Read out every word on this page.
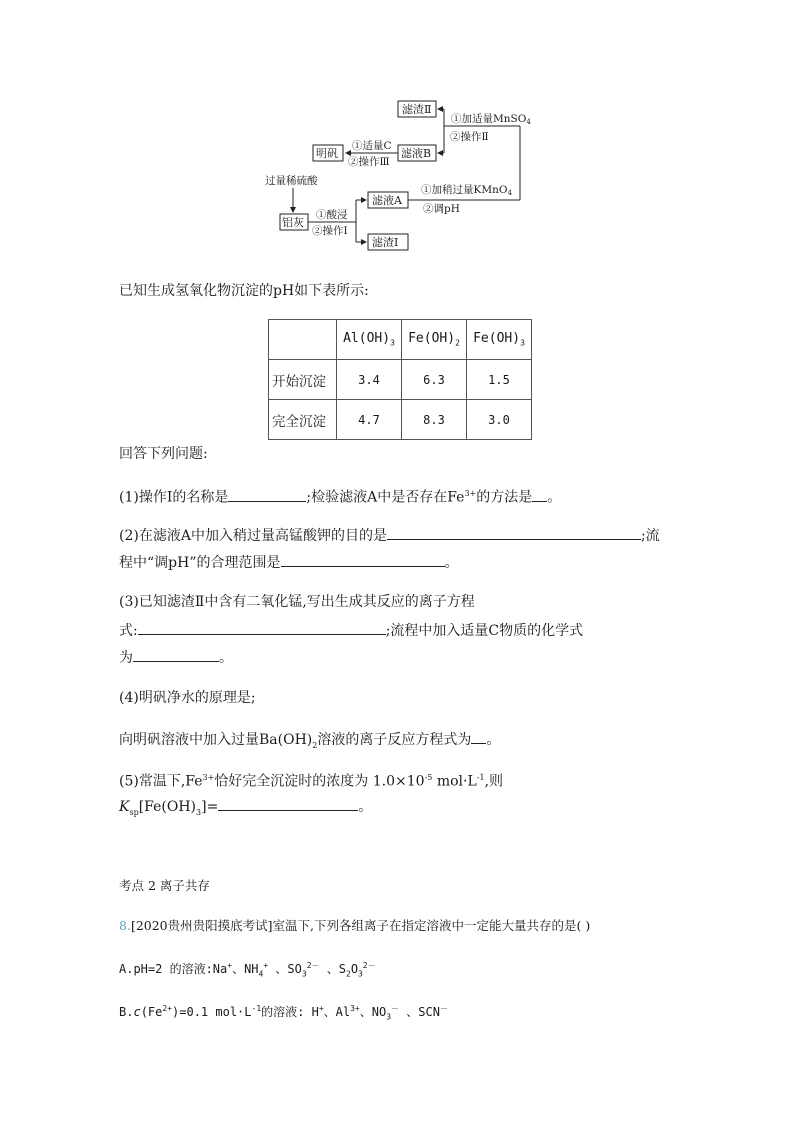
滤渣Ⅱ
滤液B
明矾
铝灰
滤液A
滤渣Ⅰ
过量稀硫酸
①酸浸
②操作Ⅰ
①加稍过量KMnO4
②调pH
①加适量MnSO4
②操作Ⅱ
①适量C
②操作Ⅲ
已知生成氢氧化物沉淀的pH如下表所示:
	$Al(OH)_3$	$Fe(OH)_2$	$Fe(OH)_3$
开始沉淀	3.4	6.3	1.5
完全沉淀	4.7	8.3	3.0
回答下列问题:
(1)操作Ⅰ的名称是	;检验滤液A中是否存在$Fe^{3+}$的方法是 。
(2)在滤液A中加入稍过量高锰酸钾的目的是	;流
程中“调pH”的合理范围是	。
(3)已知滤渣Ⅱ中含有二氧化锰,写出生成其反应的离子方程
式:	;流程中加入适量C物质的化学式
为	。
(4)明矾净水的原理是;
向明矾溶液中加入过量$Ba(OH)_2$溶液的离子反应方程式为 。
(5)常温下$,Fe^{3+}$恰好完全沉淀时的浓度为 $1.0\times 10^{-5}$ $mol\cdot L^{-1}$,则
$K_{sp}[Fe(OH)_3]=$	。
考点 2 离子共存
8.[2020贵州贵阳摸底考试]室温下,下列各组离子在指定溶液中一定能大量共存的是( )
A.pH=2 的溶液:Na+、$NH_4^+$ 、$SO_3^{2-}$ 、$S_2O_3^{2-}$
$B.c(Fe^{2+})=0.1$ $mol\cdot L^{-1}$的溶液: H+、$Al^{3+}$、$NO_3^-$ 、SCN－
